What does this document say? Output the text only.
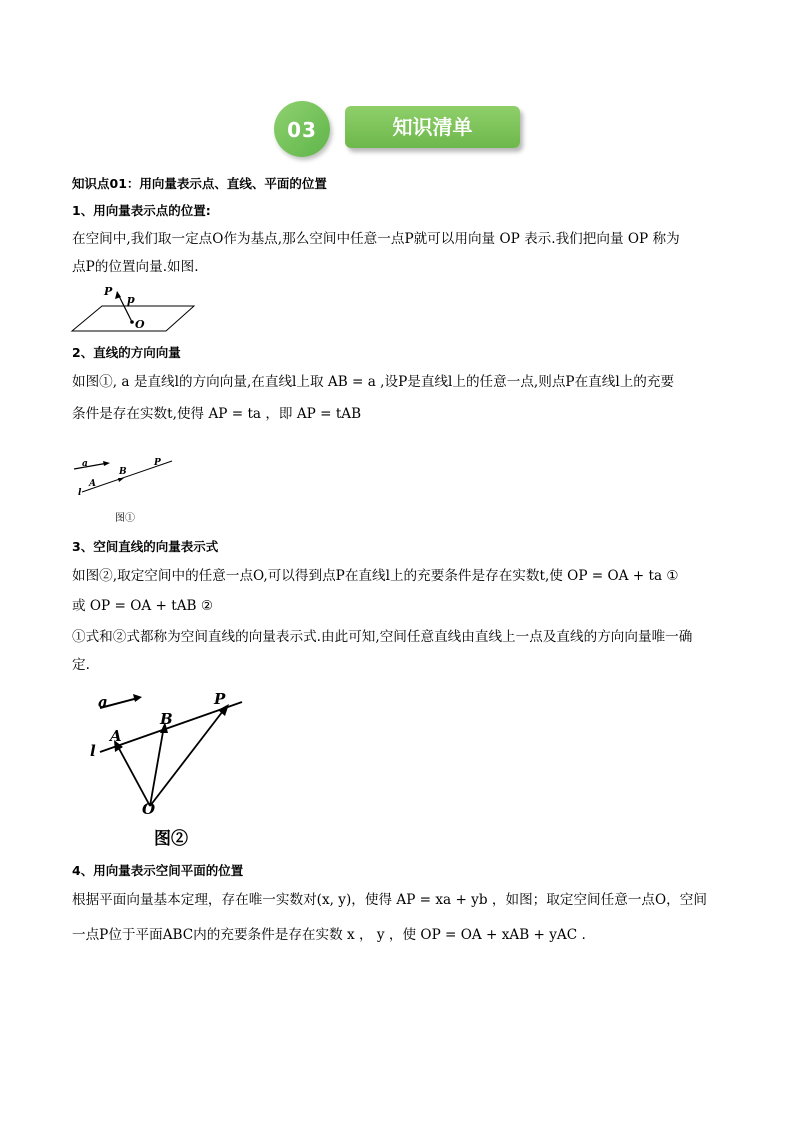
03	知识清单
知识点01：用向量表示点、直线、平面的位置
1、用向量表示点的位置:
在空间中,我们取一定点O作为基点,那么空间中任意一点P就可以用向量 OP 表示.我们把向量 OP 称为
点P的位置向量.如图.
P
p
O
2、直线的方向向量
如图①, a 是直线l的方向向量,在直线l上取 AB = a ,设P是直线l上的任意一点,则点P在直线l上的充要
条件是存在实数t,使得 AP = ta ，即 AP = tAB
a
B
P
A
l
图①
3、空间直线的向量表示式
如图②,取定空间中的任意一点O,可以得到点P在直线l上的充要条件是存在实数t,使 OP = OA + ta ①
或 OP = OA + tAB ②
①式和②式都称为空间直线的向量表示式.由此可知,空间任意直线由直线上一点及直线的方向向量唯一确
定.
a	P
B
A
l
O
图②
4、用向量表示空间平面的位置
根据平面向量基本定理，存在唯一实数对(x, y)，使得 AP = xa + yb ，如图；取定空间任意一点O，空间
一点P位于平面ABC内的充要条件是存在实数 x ， y ，使 OP = OA + xAB + yAC .
